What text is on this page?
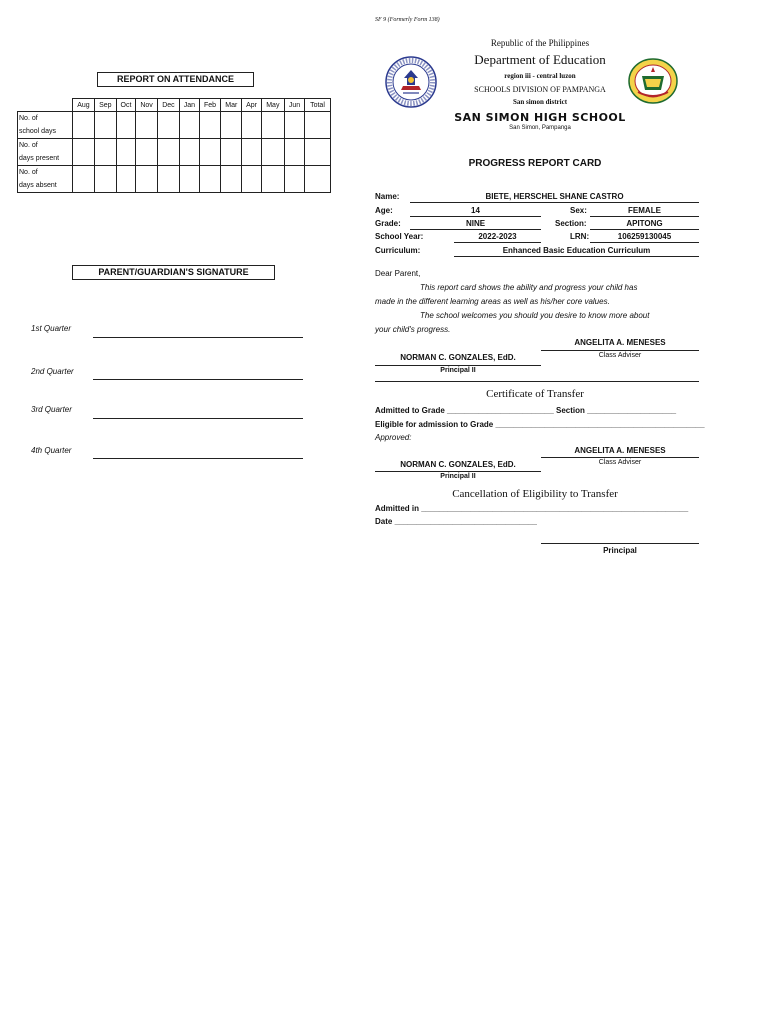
SF 9 (Formerly Form 138)
REPORT ON ATTENDANCE
	Aug	Sep	Oct	Nov	Dec	Jan	Feb	Mar	Apr	May	Jun	Total
No. of
school days												
No. of
days present												
No. of
days absent												
PARENT/GUARDIAN'S SIGNATURE
1st Quarter
2nd Quarter
3rd Quarter
4th Quarter
Republic of the Philippines
Department of Education
region iii - central luzon
SCHOOLS DIVISION OF PAMPANGA
San simon district
SAN SIMON HIGH SCHOOL
San Simon, Pampanga
PROGRESS REPORT CARD
Name:	BIETE, HERSCHEL SHANE CASTRO
Age:	14	Sex:	FEMALE
Grade:	NINE	Section:	APITONG
School Year:	2022-2023	LRN:	106259130045
Curriculum:	Enhanced Basic Education Curriculum
Dear Parent,
This report card shows the ability and progress your child has
made in the different learning areas as well as his/her core values.
The school welcomes you should you desire to know more about
your child's progress.
ANGELITA A. MENESES
Class Adviser
NORMAN C. GONZALES, EdD.
Principal II
Certificate of Transfer
Admitted to Grade ________________________ Section ____________________
Eligible for admission to Grade _______________________________________________
Approved:
ANGELITA A. MENESES
Class Adviser
NORMAN C. GONZALES, EdD.
Principal II
Cancellation of Eligibility to Transfer
Admitted in ____________________________________________________________
Date ________________________________
Principal
